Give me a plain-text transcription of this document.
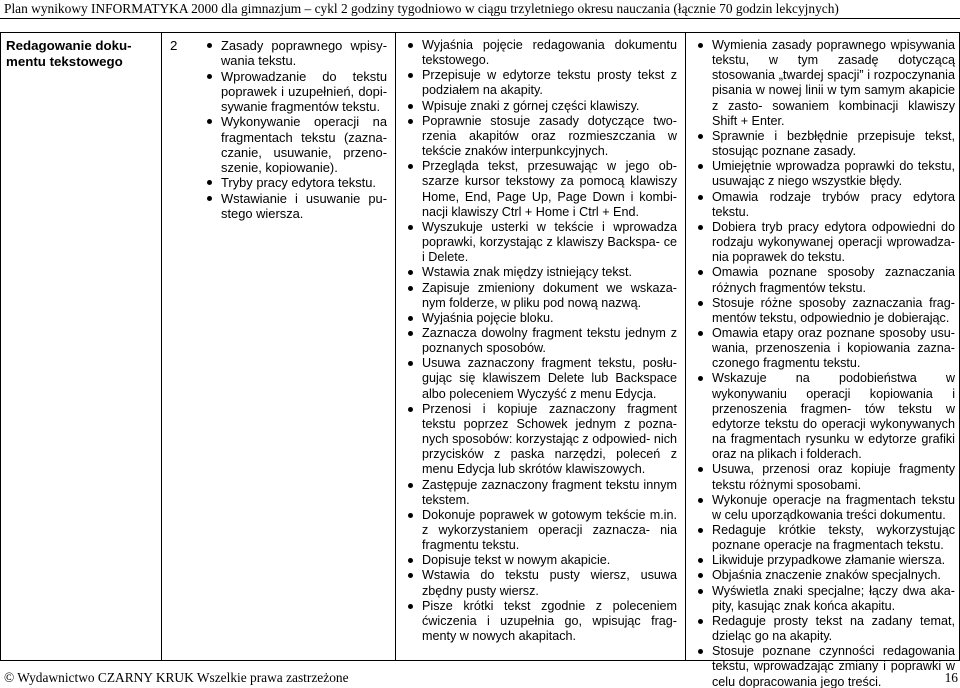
Plan wynikowy INFORMATYKA 2000 dla gimnazjum – cykl 2 godziny tygodniowo w ciągu trzyletniego okresu nauczania (łącznie 70 godzin lekcyjnych)
Redagowanie doku- mentu tekstowego
2	Zasady poprawnego wpisy- wania tekstu.
Wprowadzanie do tekstu poprawek i uzupełnień, dopi- sywanie fragmentów tekstu.
Wykonywanie operacji na fragmentach tekstu (zazna- czanie, usuwanie, przeno- szenie, kopiowanie).
Tryby pracy edytora tekstu.
Wstawianie i usuwanie pu- stego wiersza.
Wyjaśnia pojęcie redagowania dokumentu tekstowego.
Przepisuje w edytorze tekstu prosty tekst z podziałem na akapity.
Wpisuje znaki z górnej części klawiszy.
Poprawnie stosuje zasady dotyczące two- rzenia akapitów oraz rozmieszczania w tekście znaków interpunkcyjnych.
Przegląda tekst, przesuwając w jego ob- szarze kursor tekstowy za pomocą klawiszy Home, End, Page Up, Page Down i kombi- nacji klawiszy Ctrl + Home i Ctrl + End.
Wyszukuje usterki w tekście i wprowadza poprawki, korzystając z klawiszy Backspa- ce i Delete.
Wstawia znak między istniejący tekst.
Zapisuje zmieniony dokument we wskaza- nym folderze, w pliku pod nową nazwą.
Wyjaśnia pojęcie bloku.
Zaznacza dowolny fragment tekstu jednym z poznanych sposobów.
Usuwa zaznaczony fragment tekstu, posłu- gując się klawiszem Delete lub Backspace albo poleceniem Wyczyść z menu Edycja.
Przenosi i kopiuje zaznaczony fragment tekstu poprzez Schowek jednym z pozna- nych sposobów: korzystając z odpowied- nich przycisków z paska narzędzi, poleceń z menu Edycja lub skrótów klawiszowych.
Zastępuje zaznaczony fragment tekstu innym tekstem.
Dokonuje poprawek w gotowym tekście m.in. z wykorzystaniem operacji zaznacza- nia fragmentu tekstu.
Dopisuje tekst w nowym akapicie.
Wstawia do tekstu pusty wiersz, usuwa zbędny pusty wiersz.
Pisze krótki tekst zgodnie z poleceniem ćwiczenia i uzupełnia go, wpisując frag- menty w nowych akapitach.
Wymienia zasady poprawnego wpisywania tekstu, w tym zasadę dotyczącą stosowania „twardej spacji” i rozpoczynania pisania w nowej linii w tym samym akapicie z zasto- sowaniem kombinacji klawiszy Shift + Enter.
Sprawnie i bezbłędnie przepisuje tekst, stosując poznane zasady.
Umiejętnie wprowadza poprawki do tekstu, usuwając z niego wszystkie błędy.
Omawia rodzaje trybów pracy edytora tekstu.
Dobiera tryb pracy edytora odpowiedni do rodzaju wykonywanej operacji wprowadza- nia poprawek do tekstu.
Omawia poznane sposoby zaznaczania różnych fragmentów tekstu.
Stosuje różne sposoby zaznaczania frag- mentów tekstu, odpowiednio je dobierając.
Omawia etapy oraz poznane sposoby usu- wania, przenoszenia i kopiowania zazna- czonego fragmentu tekstu.
Wskazuje na podobieństwa w wykonywaniu operacji kopiowania i przenoszenia fragmen- tów tekstu w edytorze tekstu do operacji wykonywanych na fragmentach rysunku w edytorze grafiki oraz na plikach i folderach.
Usuwa, przenosi oraz kopiuje fragmenty tekstu różnymi sposobami.
Wykonuje operacje na fragmentach tekstu w celu uporządkowania treści dokumentu.
Redaguje krótkie teksty, wykorzystując poznane operacje na fragmentach tekstu.
Likwiduje przypadkowe złamanie wiersza.
Objaśnia znaczenie znaków specjalnych.
Wyświetla znaki specjalne; łączy dwa aka- pity, kasując znak końca akapitu.
Redaguje prosty tekst na zadany temat, dzieląc go na akapity.
Stosuje poznane czynności redagowania tekstu, wprowadzając zmiany i poprawki w celu dopracowania jego treści.
© Wydawnictwo CZARNY KRUK Wszelkie prawa zastrzeżone	16
